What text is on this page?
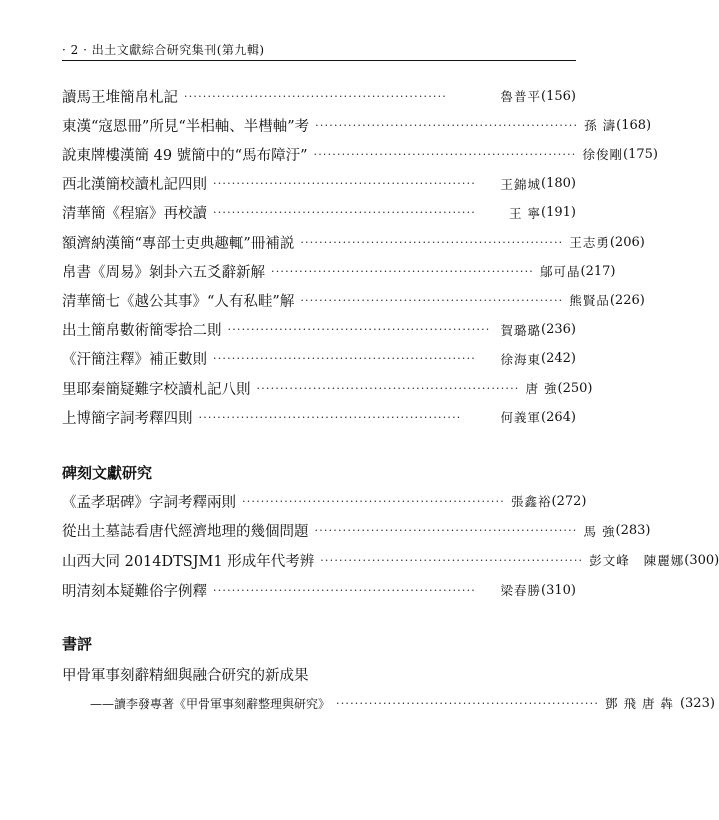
· 2 · 出土文獻綜合研究集刊(第九輯)
讀馬王堆簡帛札記 ························································	魯普平 (156)
東漢“寇恩冊”所見“半㭒軸、半槥軸”考 ························································ 孫 濤 (168)
說東牌樓漢簡 49 號簡中的“馬布障汙” ························································ 徐俊剛 (175)
西北漢簡校讀札記四則 ························································	王錦城 (180)
清華簡《程寤》再校讀 ························································	王 寧 (191)
額濟納漢簡“專部士吏典趣輒”冊補説 ························································ 王志勇 (206)
帛書《周易》剝卦六五爻辭新解 ························································ 鄔可晶 (217)
清華簡七《越公其事》“人有私畦”解 ························································ 熊賢品 (226)
出土簡帛數術簡零拾二則 ························································ 賀璐璐 (236)
《汗簡注釋》補正數則 ························································	徐海東 (242)
里耶秦簡疑難字校讀札記八則 ························································ 唐 強 (250)
上博簡字詞考釋四則 ························································	何義軍 (264)
碑刻文獻研究
《孟孝琚碑》字詞考釋兩則 ························································ 張鑫裕 (272)
從出土墓誌看唐代經濟地理的幾個問題 ························································ 馬 強 (283)
山西大同 2014DTSJM1 形成年代考辨 ························································ 彭文峰 陳麗娜 (300)
明清刻本疑難俗字例釋 ························································	梁春勝 (310)
書評
甲骨軍事刻辭精細與融合研究的新成果
——讀李發專著《甲骨軍事刻辭整理與研究》 ························································ 鄧 飛 唐 犇 (323)
